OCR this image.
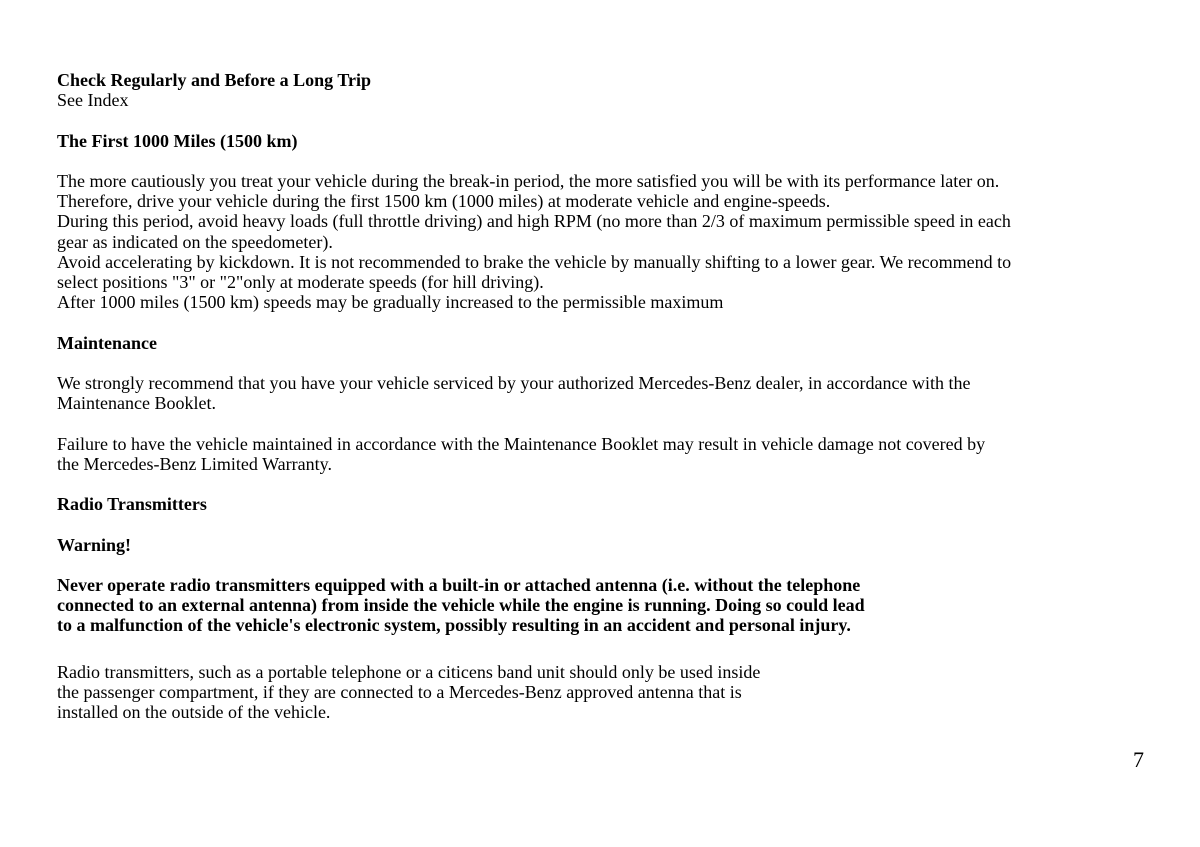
Check Regularly and Before a Long Trip

See Index

The First 1000 Miles (1500 km)

The more cautiously you treat your vehicle during the break-in period, the more satisfied you will be with its performance later on.

Therefore, drive your vehicle during the first 1500 km (1000 miles) at moderate vehicle and engine-speeds.

During this period, avoid heavy loads (full throttle driving) and high RPM (no more than 2/3 of maximum permissible speed in each

gear as indicated on the speedometer).

Avoid accelerating by kickdown. It is not recommended to brake the vehicle by manually shifting to a lower gear. We recommend to

select positions "3" or "2"only at moderate speeds (for hill driving).

After 1000 miles (1500 km) speeds may be gradually increased to the permissible maximum

Maintenance

We strongly recommend that you have your vehicle serviced by your authorized Mercedes-Benz dealer, in accordance with the

Maintenance Booklet.

Failure to have the vehicle maintained in accordance with the Maintenance Booklet may result in vehicle damage not covered by

the Mercedes-Benz Limited Warranty.

Radio Transmitters

Warning!

Never operate radio transmitters equipped with a built-in or attached antenna (i.e. without the telephone

connected to an external antenna) from inside the vehicle while the engine is running. Doing so could lead

to a malfunction of the vehicle's electronic system, possibly resulting in an accident and personal injury.

Radio transmitters, such as a portable telephone or a citicens band unit should only be used inside

the passenger compartment, if they are connected to a Mercedes-Benz approved antenna that is

installed on the outside of the vehicle.

7
